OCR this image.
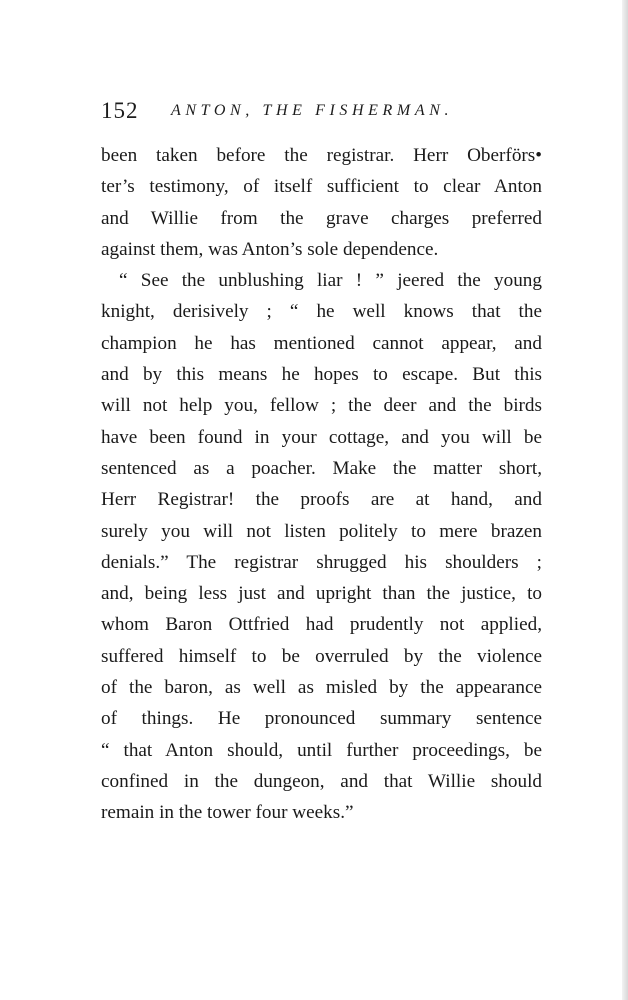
152 ANTON, THE FISHERMAN.
been taken before the registrar. Herr Oberförs•
ter’s testimony, of itself sufficient to clear Anton
and Willie from the grave charges preferred
against them, was Anton’s sole dependence.
“ See the unblushing liar ! ” jeered the young
knight, derisively ; “ he well knows that the
champion he has mentioned cannot appear, and
and by this means he hopes to escape. But this
will not help you, fellow ; the deer and the birds
have been found in your cottage, and you will be
sentenced as a poacher. Make the matter short,
Herr Registrar! the proofs are at hand, and
surely you will not listen politely to mere brazen
denials.” The registrar shrugged his shoulders ;
and, being less just and upright than the justice, to
whom Baron Ottfried had prudently not applied,
suffered himself to be overruled by the violence
of the baron, as well as misled by the appearance
of things. He pronounced summary sentence
“ that Anton should, until further proceedings, be
confined in the dungeon, and that Willie should
remain in the tower four weeks.”
